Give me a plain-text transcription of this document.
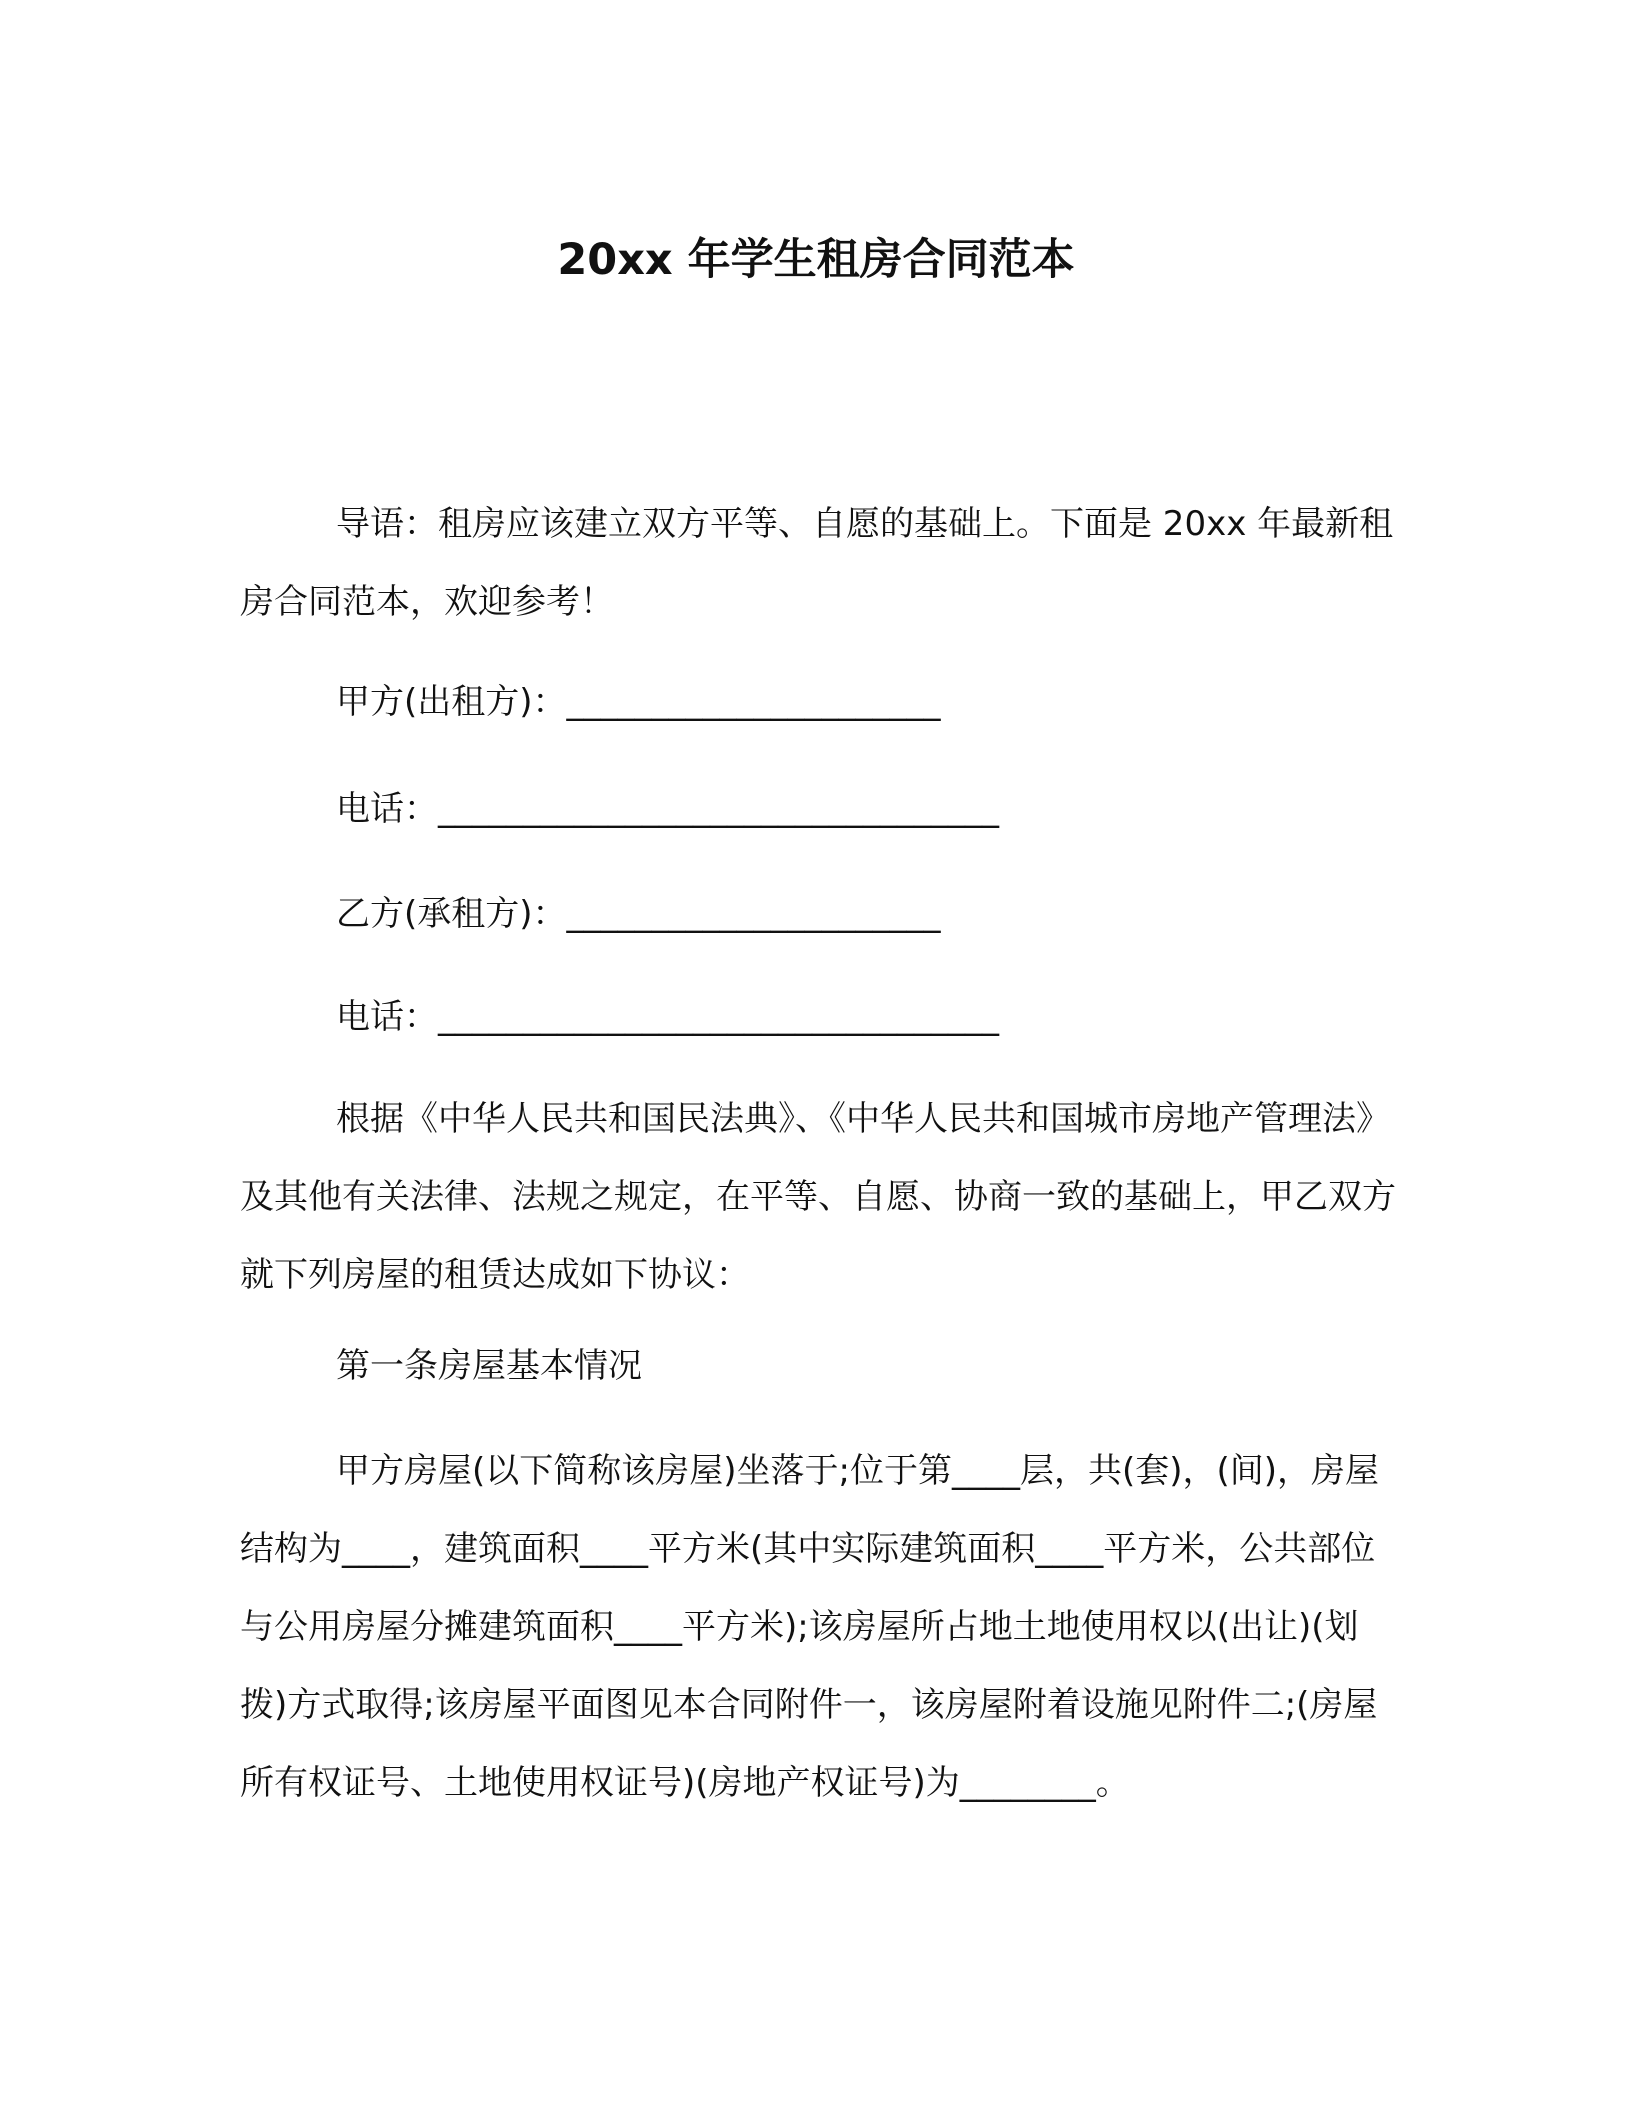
20xx 年学生租房合同范本

导语：租房应该建立双方平等、自愿的基础上。下面是 20xx 年最新租房合同范本，欢迎参考！

甲方(出租方)：______________________

电话：_________________________________

乙方(承租方)：______________________

电话：_________________________________

根据《中华人民共和国民法典》、《中华人民共和国城市房地产管理法》及其他有关法律、法规之规定，在平等、自愿、协商一致的基础上，甲乙双方就下列房屋的租赁达成如下协议：

第一条房屋基本情况

甲方房屋(以下简称该房屋)坐落于;位于第____层，共(套)，(间)，房屋结构为____，建筑面积____平方米(其中实际建筑面积____平方米，公共部位与公用房屋分摊建筑面积____平方米);该房屋所占地土地使用权以(出让)(划拨)方式取得;该房屋平面图见本合同附件一，该房屋附着设施见附件二;(房屋所有权证号、土地使用权证号)(房地产权证号)为________。
